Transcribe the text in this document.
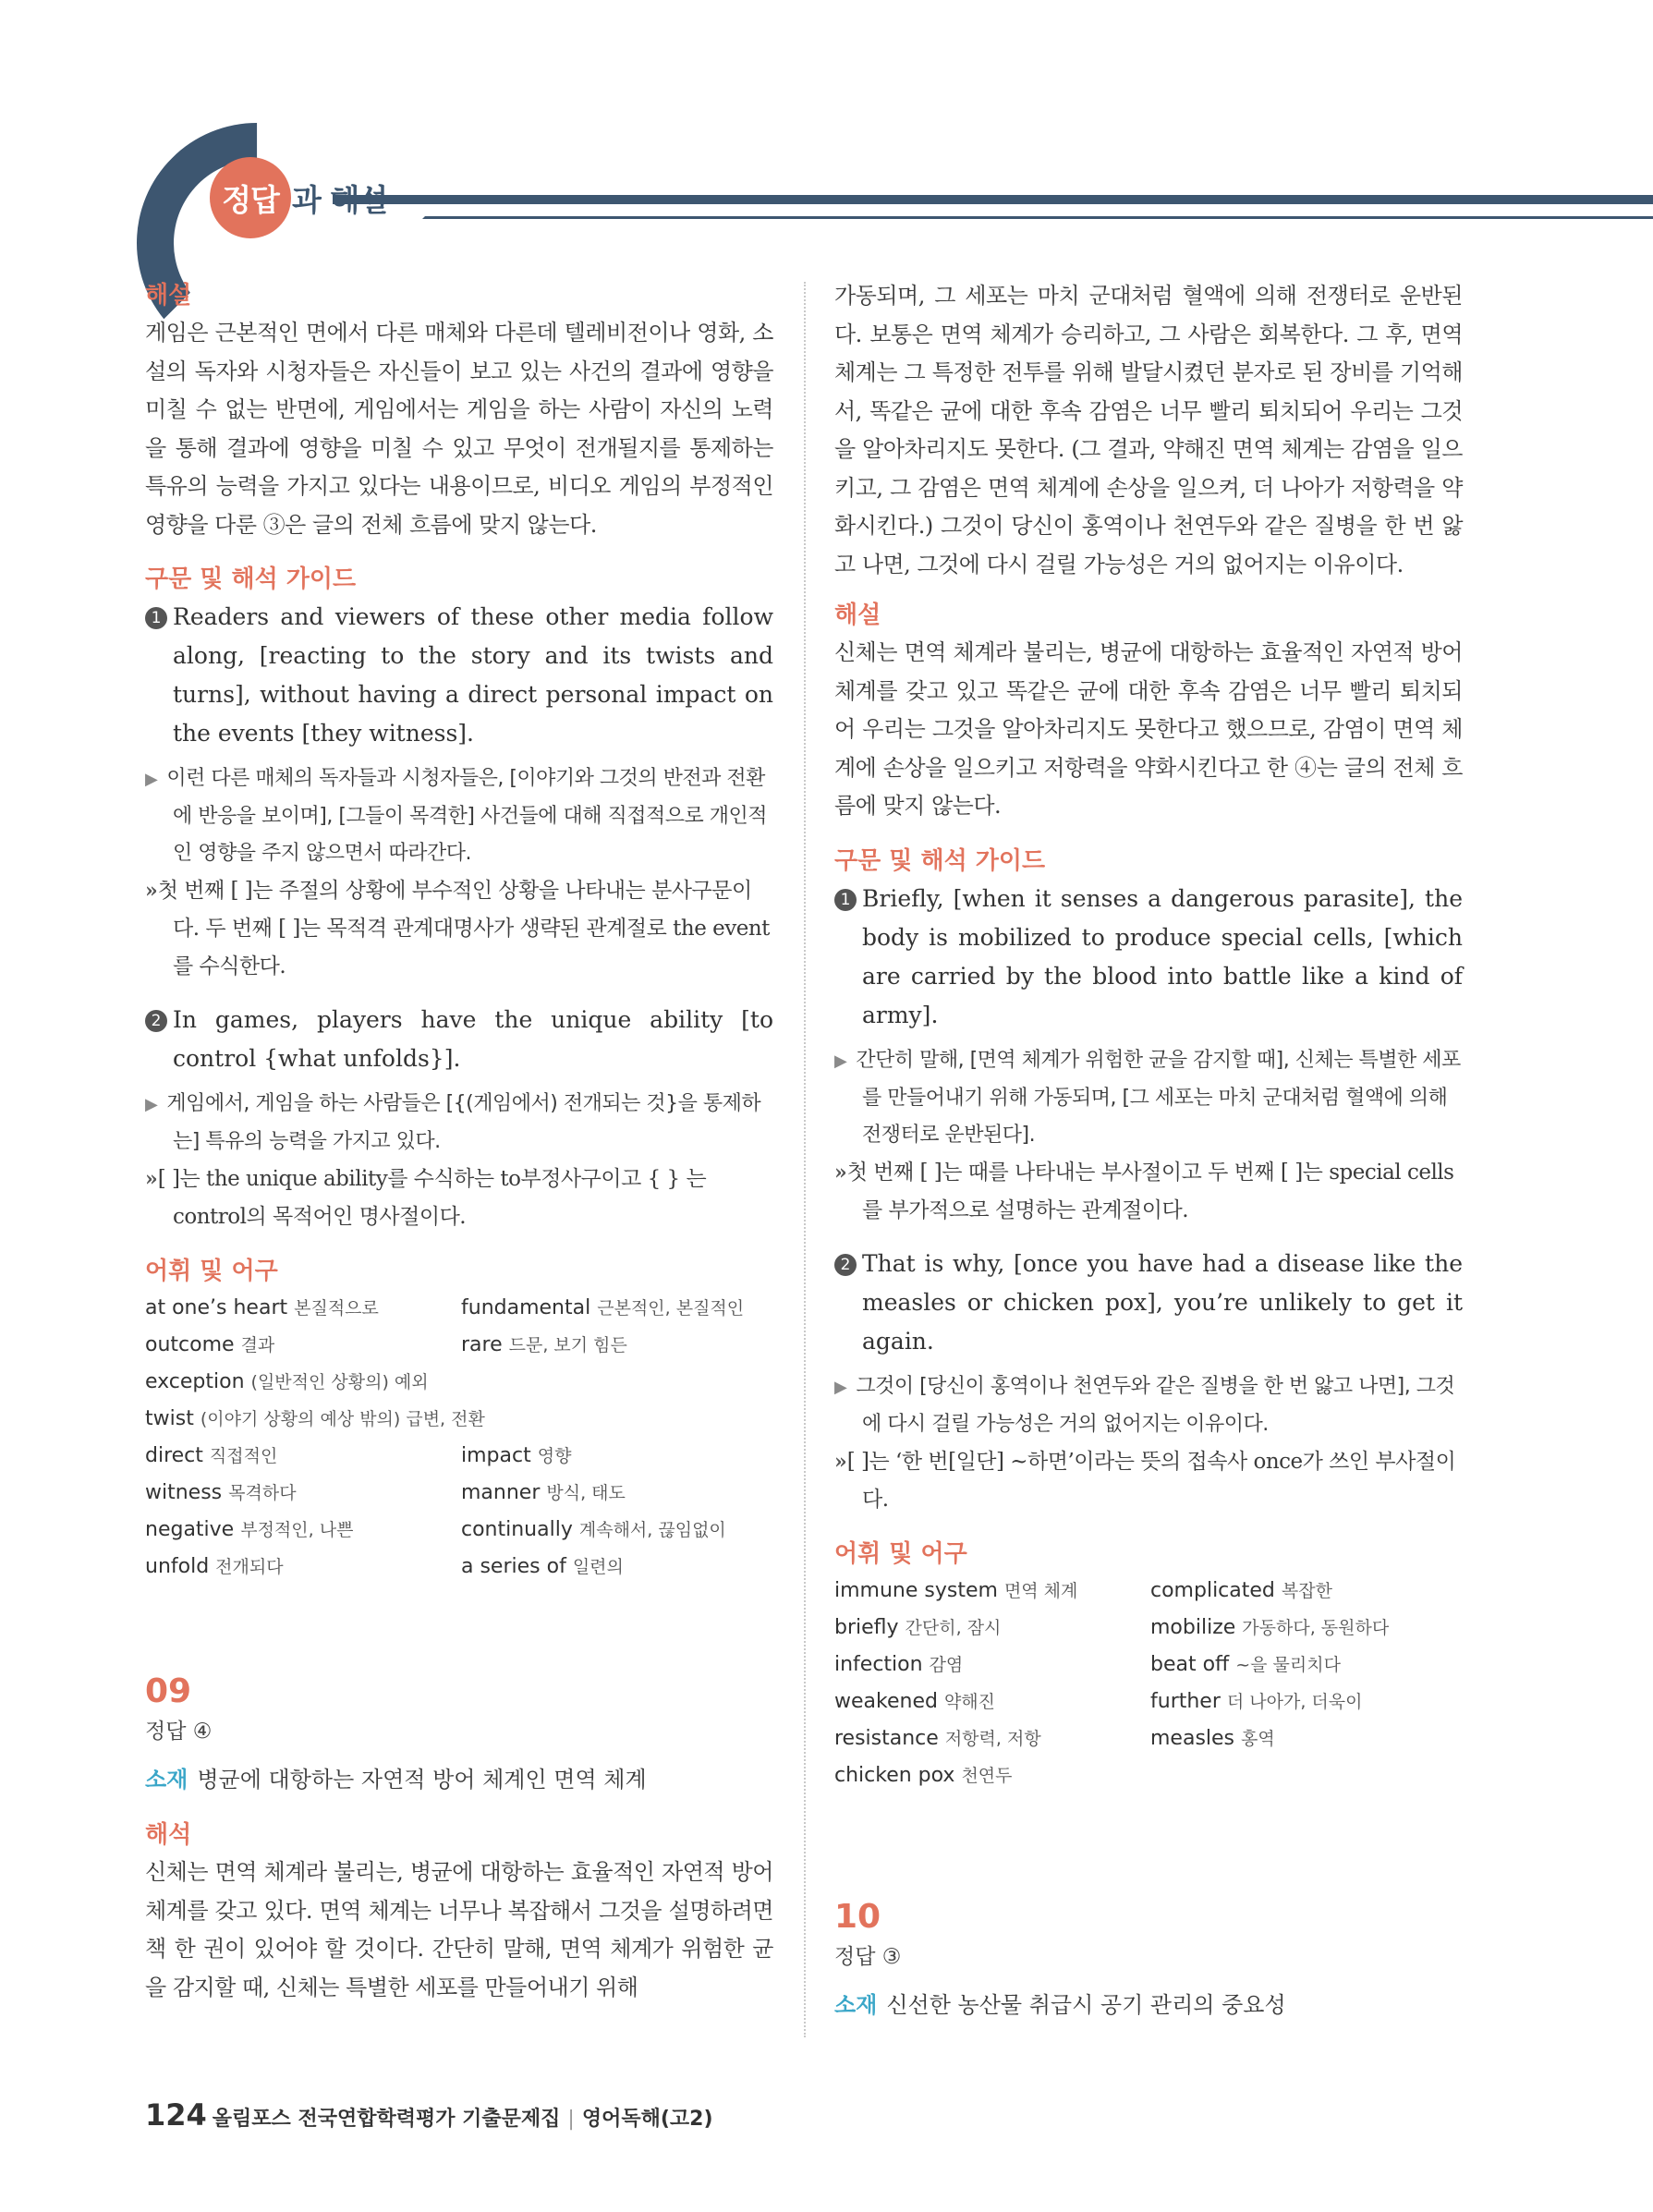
정답 과 해설

해설

게임은 근본적인 면에서 다른 매체와 다른데 텔레비전이나 영화, 소설의 독자와 시청자들은 자신들이 보고 있는 사건의 결과에 영향을 미칠 수 없는 반면에, 게임에서는 게임을 하는 사람이 자신의 노력을 통해 결과에 영향을 미칠 수 있고 무엇이 전개될지를 통제하는 특유의 능력을 가지고 있다는 내용이므로, 비디오 게임의 부정적인 영향을 다룬 ③은 글의 전체 흐름에 맞지 않는다.

구문 및 해석 가이드

1 Readers and viewers of these other media follow along, [reacting to the story and its twists and turns], without having a direct personal impact on the events [they witness].

▶ 이런 다른 매체의 독자들과 시청자들은, [이야기와 그것의 반전과 전환에 반응을 보이며], [그들이 목격한] 사건들에 대해 직접적으로 개인적인 영향을 주지 않으면서 따라간다.

» 첫 번째 [ ]는 주절의 상황에 부수적인 상황을 나타내는 분사구문이다. 두 번째 [ ]는 목적격 관계대명사가 생략된 관계절로 the event를 수식한다.

2 In games, players have the unique ability [to control {what unfolds}].

▶ 게임에서, 게임을 하는 사람들은 [{(게임에서) 전개되는 것}을 통제하는] 특유의 능력을 가지고 있다.

» [ ]는 the unique ability를 수식하는 to부정사구이고 { } 는 control의 목적어인 명사절이다.

어휘 및 어구

at one’s heart 본질적으로	fundamental 근본적인, 본질적인
outcome 결과	rare 드문, 보기 힘든
exception (일반적인 상황의) 예외
twist (이야기 상황의 예상 밖의) 급변, 전환
direct 직접적인	impact 영향
witness 목격하다	manner 방식, 태도
negative 부정적인, 나쁜	continually 계속해서, 끊임없이
unfold 전개되다	a series of 일련의

09

정답 ④

소재 병균에 대항하는 자연적 방어 체계인 면역 체계

해석

신체는 면역 체계라 불리는, 병균에 대항하는 효율적인 자연적 방어 체계를 갖고 있다. 면역 체계는 너무나 복잡해서 그것을 설명하려면 책 한 권이 있어야 할 것이다. 간단히 말해, 면역 체계가 위험한 균을 감지할 때, 신체는 특별한 세포를 만들어내기 위해

가동되며, 그 세포는 마치 군대처럼 혈액에 의해 전쟁터로 운반된다. 보통은 면역 체계가 승리하고, 그 사람은 회복한다. 그 후, 면역 체계는 그 특정한 전투를 위해 발달시켰던 분자로 된 장비를 기억해서, 똑같은 균에 대한 후속 감염은 너무 빨리 퇴치되어 우리는 그것을 알아차리지도 못한다. (그 결과, 약해진 면역 체계는 감염을 일으키고, 그 감염은 면역 체계에 손상을 일으켜, 더 나아가 저항력을 약화시킨다.) 그것이 당신이 홍역이나 천연두와 같은 질병을 한 번 앓고 나면, 그것에 다시 걸릴 가능성은 거의 없어지는 이유이다.

해설

신체는 면역 체계라 불리는, 병균에 대항하는 효율적인 자연적 방어 체계를 갖고 있고 똑같은 균에 대한 후속 감염은 너무 빨리 퇴치되어 우리는 그것을 알아차리지도 못한다고 했으므로, 감염이 면역 체계에 손상을 일으키고 저항력을 약화시킨다고 한 ④는 글의 전체 흐름에 맞지 않는다.

구문 및 해석 가이드

1 Briefly, [when it senses a dangerous parasite], the body is mobilized to produce special cells, [which are carried by the blood into battle like a kind of army].

▶ 간단히 말해, [면역 체계가 위험한 균을 감지할 때], 신체는 특별한 세포를 만들어내기 위해 가동되며, [그 세포는 마치 군대처럼 혈액에 의해 전쟁터로 운반된다].

» 첫 번째 [ ]는 때를 나타내는 부사절이고 두 번째 [ ]는 special cells를 부가적으로 설명하는 관계절이다.

2 That is why, [once you have had a disease like the measles or chicken pox], you’re unlikely to get it again.

▶ 그것이 [당신이 홍역이나 천연두와 같은 질병을 한 번 앓고 나면], 그것에 다시 걸릴 가능성은 거의 없어지는 이유이다.

» [ ]는 ‘한 번[일단] ~하면’이라는 뜻의 접속사 once가 쓰인 부사절이다.

어휘 및 어구

immune system 면역 체계	complicated 복잡한
briefly 간단히, 잠시	mobilize 가동하다, 동원하다
infection 감염	beat off ~을 물리치다
weakened 약해진	further 더 나아가, 더욱이
resistance 저항력, 저항	measles 홍역
chicken pox 천연두

10

정답 ③

소재 신선한 농산물 취급시 공기 관리의 중요성

124 올림포스 전국연합학력평가 기출문제집 | 영어독해(고2)
